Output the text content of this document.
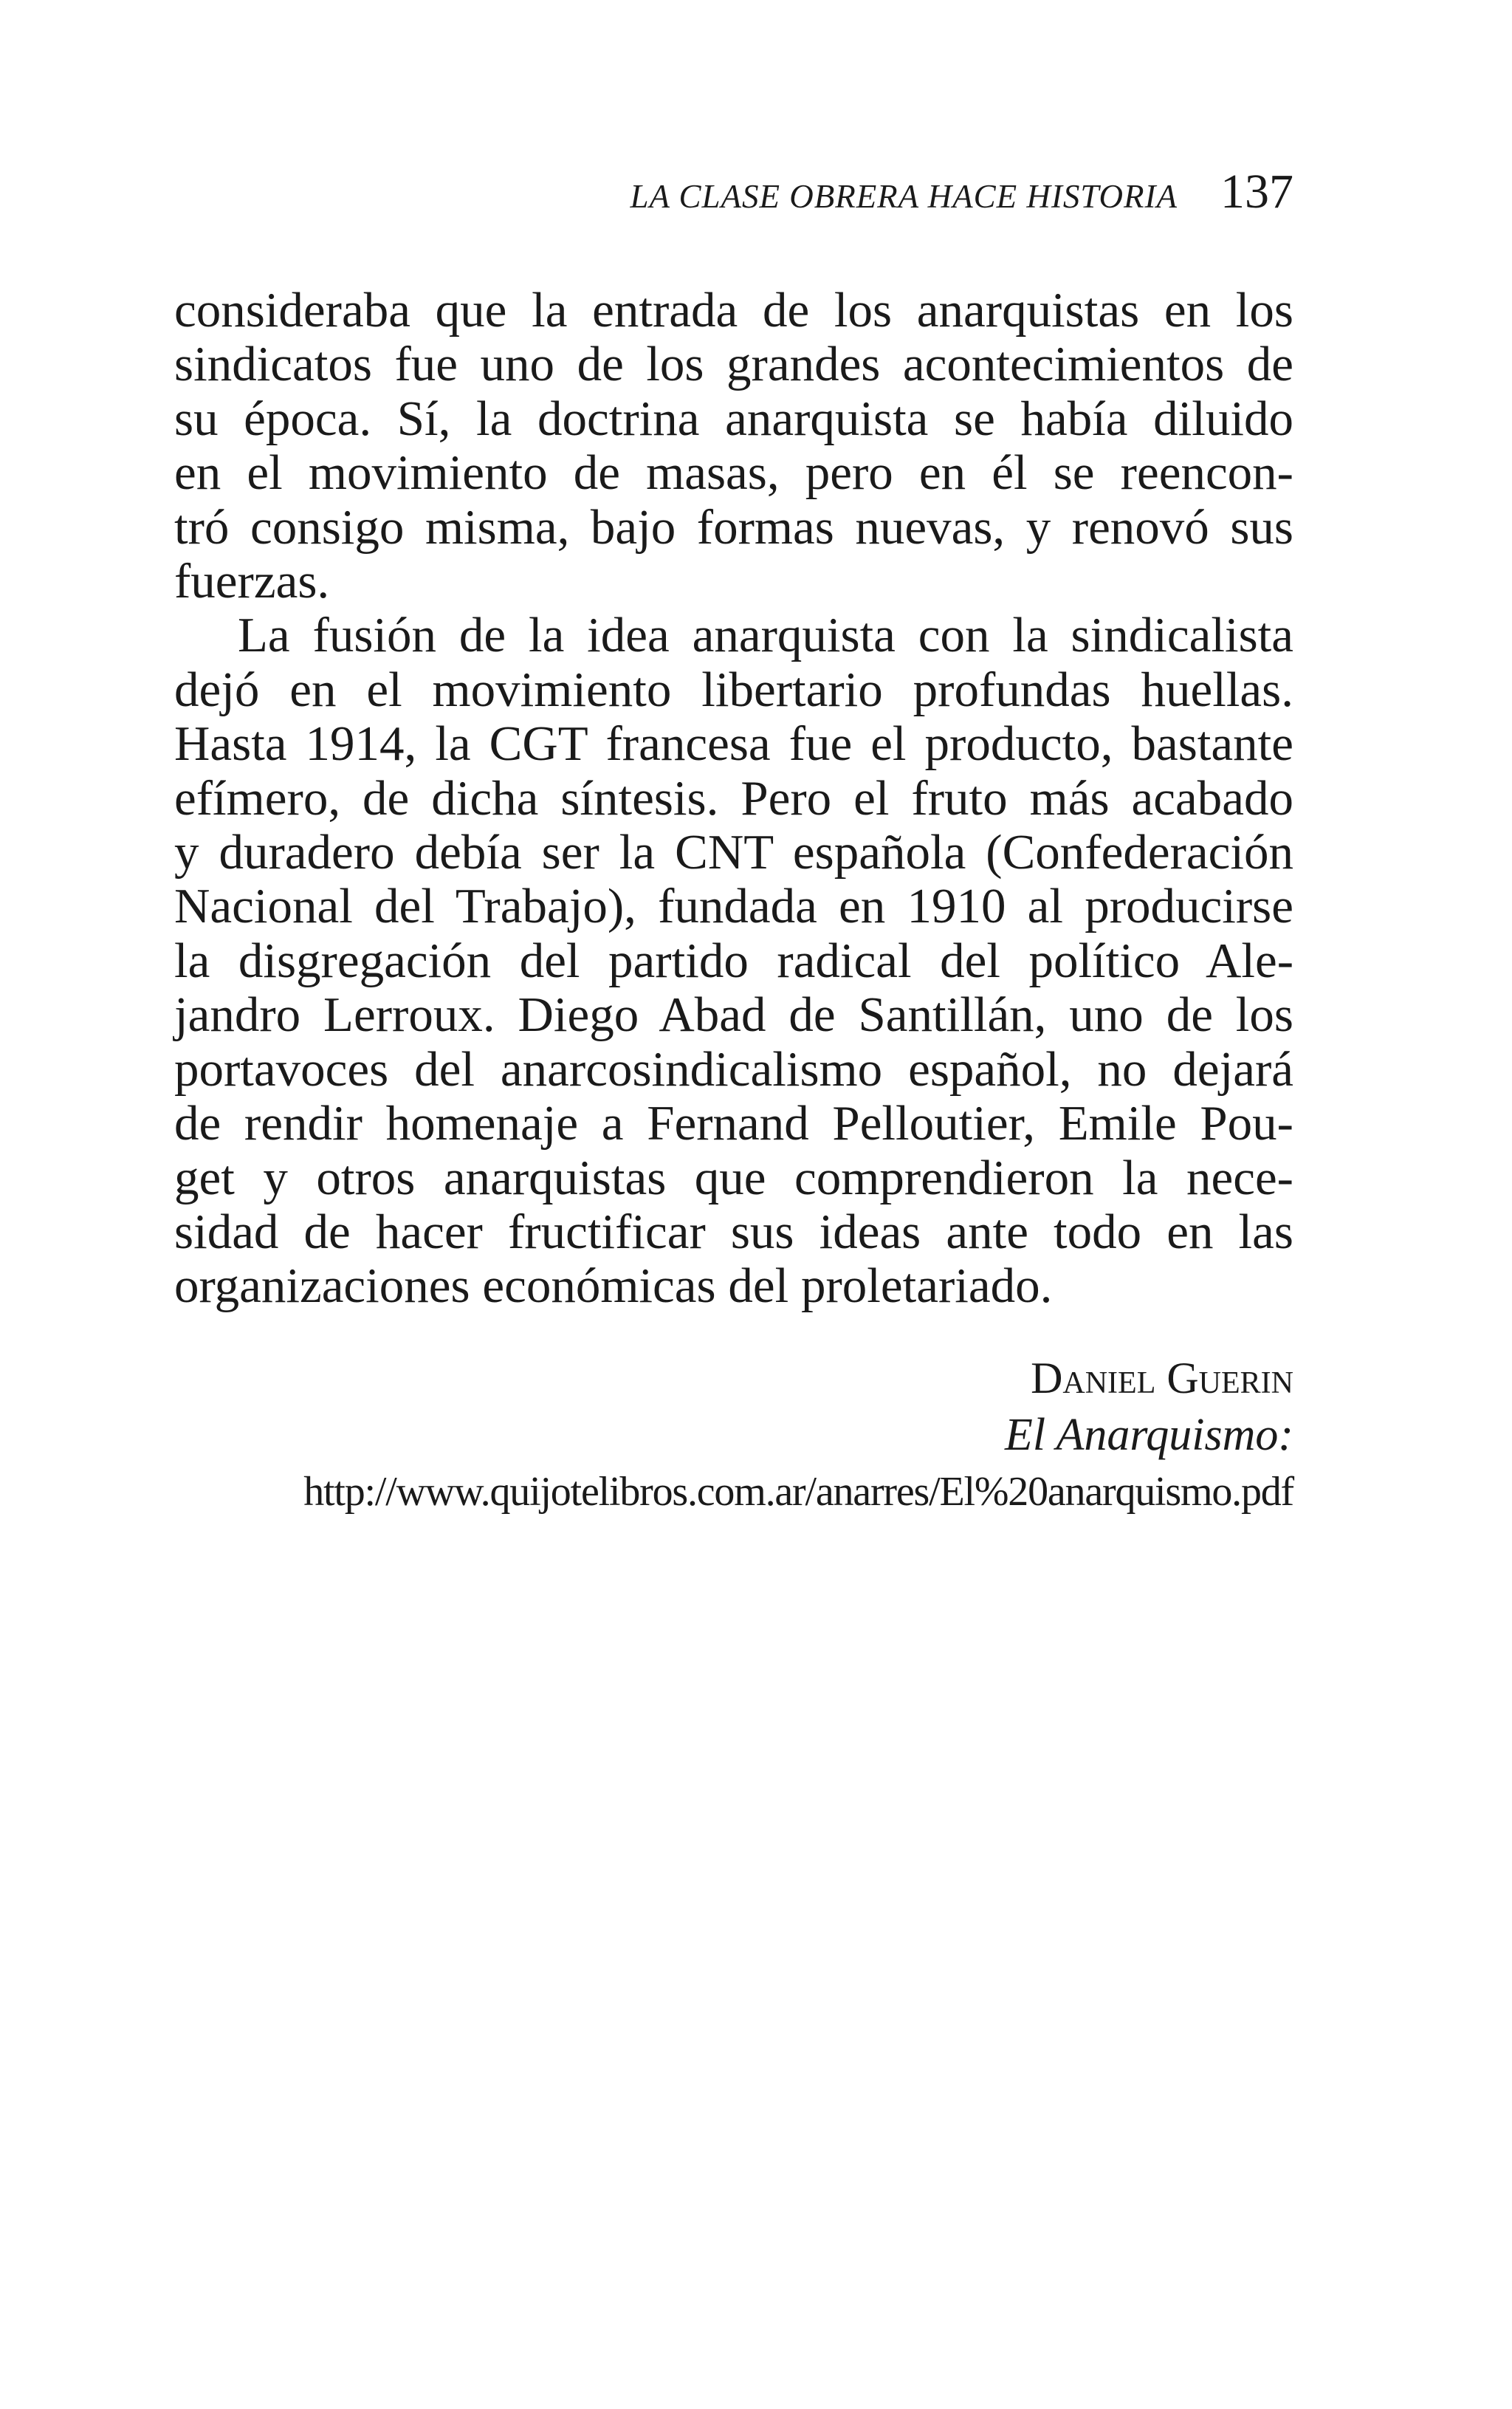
LA CLASE OBRERA HACE HISTORIA 137
consideraba que la entrada de los anarquistas en los
sindicatos fue uno de los grandes acontecimientos de
su época. Sí, la doctrina anarquista se había diluido
en el movimiento de masas, pero en él se reencon-
tró consigo misma, bajo formas nuevas, y renovó sus
fuerzas.
La fusión de la idea anarquista con la sindicalista
dejó en el movimiento libertario profundas huellas.
Hasta 1914, la CGT francesa fue el producto, bastante
efímero, de dicha síntesis. Pero el fruto más acabado
y duradero debía ser la CNT española (Confederación
Nacional del Trabajo), fundada en 1910 al producirse
la disgregación del partido radical del político Ale-
jandro Lerroux. Diego Abad de Santillán, uno de los
portavoces del anarcosindicalismo español, no dejará
de rendir homenaje a Fernand Pelloutier, Emile Pou-
get y otros anarquistas que comprendieron la nece-
sidad de hacer fructificar sus ideas ante todo en las
organizaciones económicas del proletariado.
Daniel Guerin
El Anarquismo:
http://www.quijotelibros.com.ar/anarres/El%20anarquismo.pdf
